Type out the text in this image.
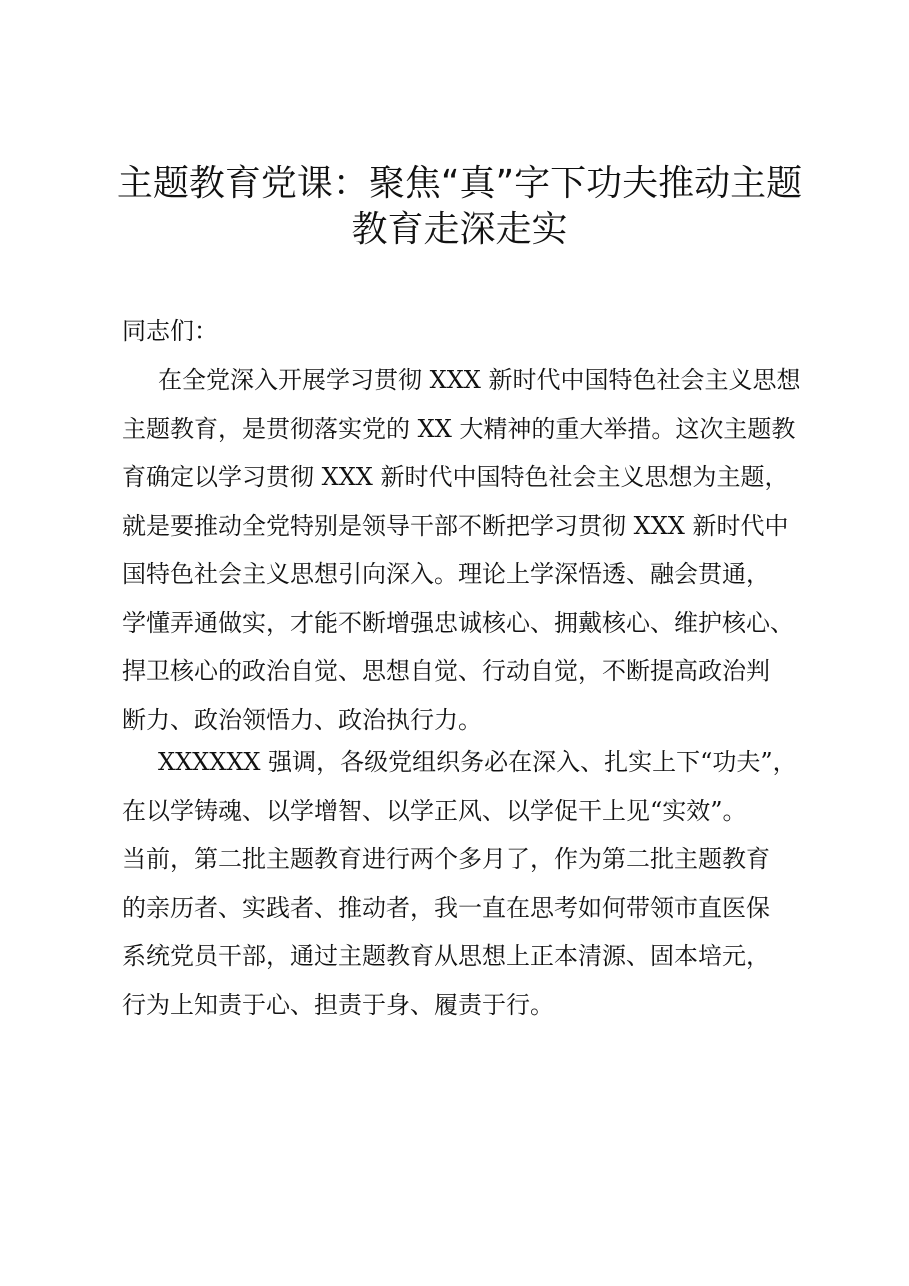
主题教育党课：聚焦“真”字下功夫推动主题
教育走深走实

同志们：

在全党深入开展学习贯彻 XXX 新时代中国特色社会主义思想
主题教育，是贯彻落实党的 XX 大精神的重大举措。这次主题教
育确定以学习贯彻 XXX 新时代中国特色社会主义思想为主题，
就是要推动全党特别是领导干部不断把学习贯彻 XXX 新时代中
国特色社会主义思想引向深入。理论上学深悟透、融会贯通，
学懂弄通做实，才能不断增强忠诚核心、拥戴核心、维护核心、
捍卫核心的政治自觉、思想自觉、行动自觉，不断提高政治判
断力、政治领悟力、政治执行力。

XXXXXX 强调，各级党组织务必在深入、扎实上下“功夫”，
在以学铸魂、以学增智、以学正风、以学促干上见“实效”。
当前，第二批主题教育进行两个多月了，作为第二批主题教育
的亲历者、实践者、推动者，我一直在思考如何带领市直医保
系统党员干部，通过主题教育从思想上正本清源、固本培元，
行为上知责于心、担责于身、履责于行。
